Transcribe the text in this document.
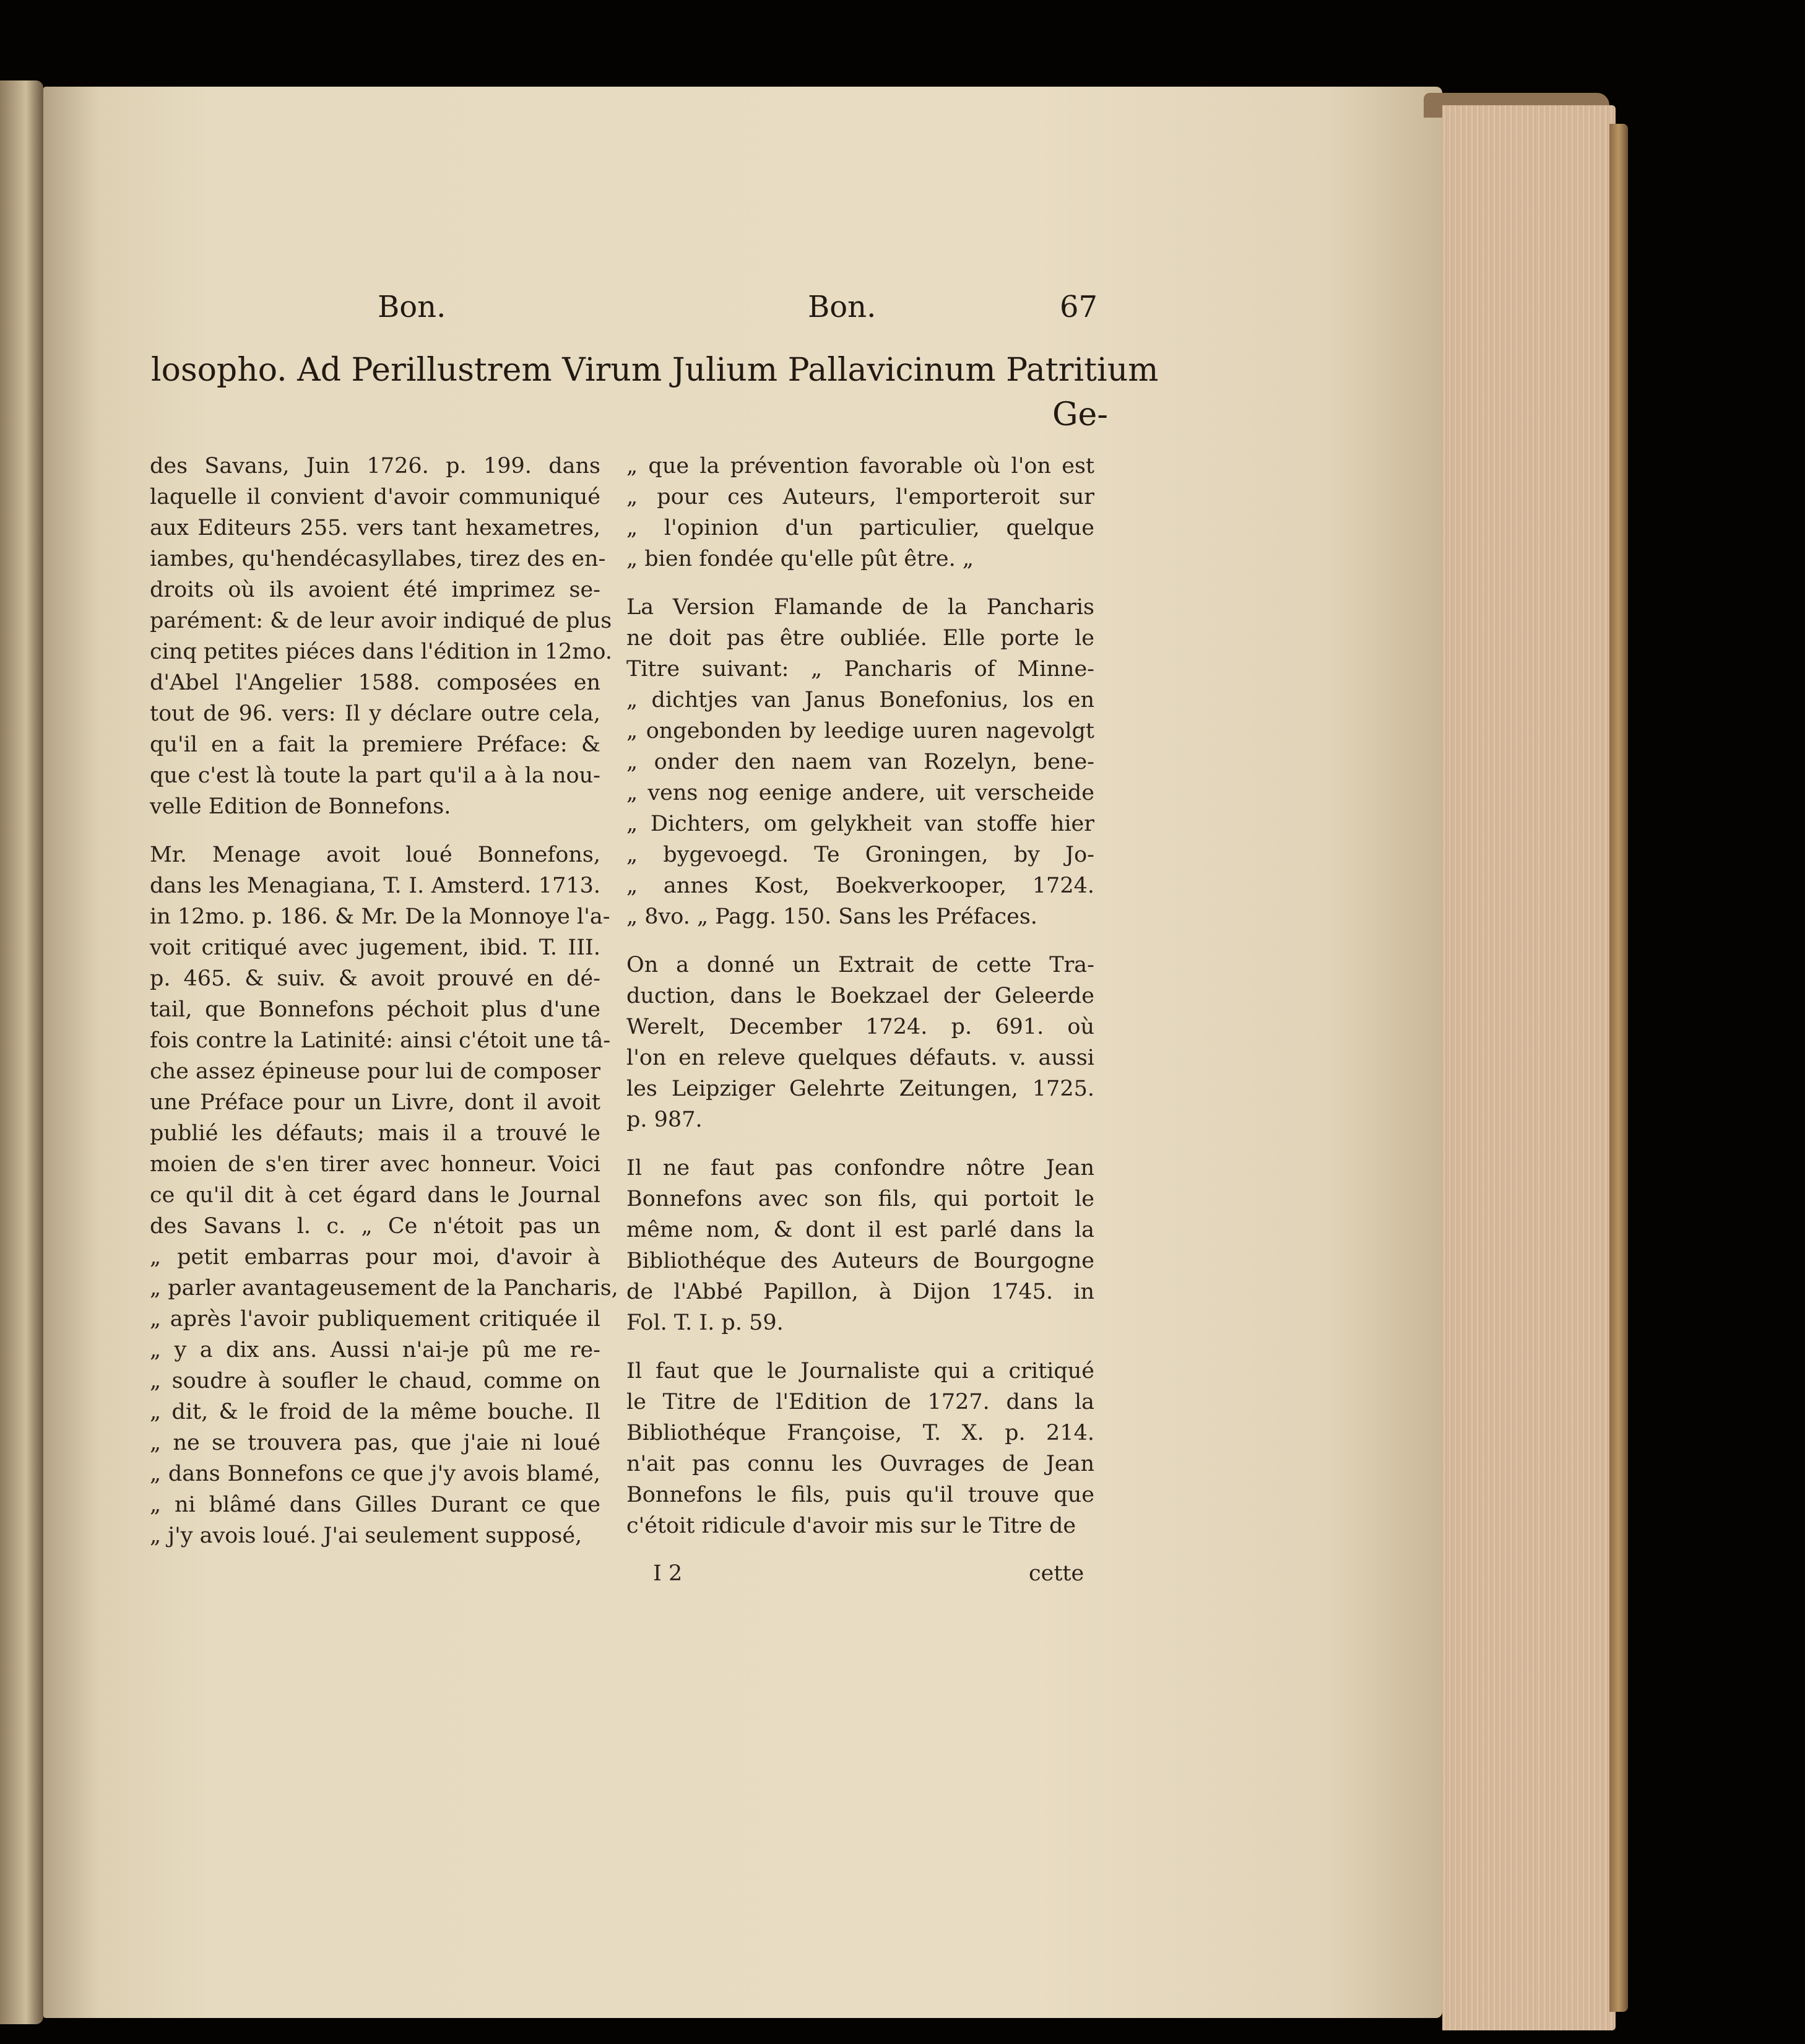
Bon.	Bon.	67
losopho. Ad Perillustrem Virum Julium Pallavicinum Patritium
Ge-
des Savans, Juin 1726. p. 199. dans
laquelle il convient d'avoir communiqué
aux Editeurs 255. vers tant hexametres,
iambes, qu'hendécasyllabes, tirez des en-
droits où ils avoient été imprimez se-
parément: & de leur avoir indiqué de plus
cinq petites piéces dans l'édition in 12mo.
d'Abel l'Angelier 1588. composées en
tout de 96. vers: Il y déclare outre cela,
qu'il en a fait la premiere Préface: &
que c'est là toute la part qu'il a à la nou-
velle Edition de Bonnefons.
Mr. Menage avoit loué Bonnefons,
dans les Menagiana, T. I. Amsterd. 1713.
in 12mo. p. 186. & Mr. De la Monnoye l'a-
voit critiqué avec jugement, ibid. T. III.
p. 465. & suiv. & avoit prouvé en dé-
tail, que Bonnefons péchoit plus d'une
fois contre la Latinité: ainsi c'étoit une tâ-
che assez épineuse pour lui de composer
une Préface pour un Livre, dont il avoit
publié les défauts; mais il a trouvé le
moien de s'en tirer avec honneur. Voici
ce qu'il dit à cet égard dans le Journal
des Savans l. c. „ Ce n'étoit pas un
„ petit embarras pour moi, d'avoir à
„ parler avantageusement de la Pancharis,
„ après l'avoir publiquement critiquée il
„ y a dix ans. Aussi n'ai-je pû me re-
„ soudre à soufler le chaud, comme on
„ dit, & le froid de la même bouche. Il
„ ne se trouvera pas, que j'aie ni loué
„ dans Bonnefons ce que j'y avois blamé,
„ ni blâmé dans Gilles Durant ce que
„ j'y avois loué. J'ai seulement supposé,
„ que la prévention favorable où l'on est
„ pour ces Auteurs, l'emporteroit sur
„ l'opinion d'un particulier, quelque
„ bien fondée qu'elle pût être. „
La Version Flamande de la Pancharis
ne doit pas être oubliée. Elle porte le
Titre suivant: „ Pancharis of Minne-
„ dichtjes van Janus Bonefonius, los en
„ ongebonden by leedige uuren nagevolgt
„ onder den naem van Rozelyn, bene-
„ vens nog eenige andere, uit verscheide
„ Dichters, om gelykheit van stoffe hier
„ bygevoegd. Te Groningen, by Jo-
„ annes Kost, Boekverkooper, 1724.
„ 8vo. „ Pagg. 150. Sans les Préfaces.
On a donné un Extrait de cette Tra-
duction, dans le Boekzael der Geleerde
Werelt, December 1724. p. 691. où
l'on en releve quelques défauts. v. aussi
les Leipziger Gelehrte Zeitungen, 1725.
p. 987.
Il ne faut pas confondre nôtre Jean
Bonnefons avec son fils, qui portoit le
même nom, & dont il est parlé dans la
Bibliothéque des Auteurs de Bourgogne
de l'Abbé Papillon, à Dijon 1745. in
Fol. T. I. p. 59.
Il faut que le Journaliste qui a critiqué
le Titre de l'Edition de 1727. dans la
Bibliothéque Françoise, T. X. p. 214.
n'ait pas connu les Ouvrages de Jean
Bonnefons le fils, puis qu'il trouve que
c'étoit ridicule d'avoir mis sur le Titre de
I 2	cette
